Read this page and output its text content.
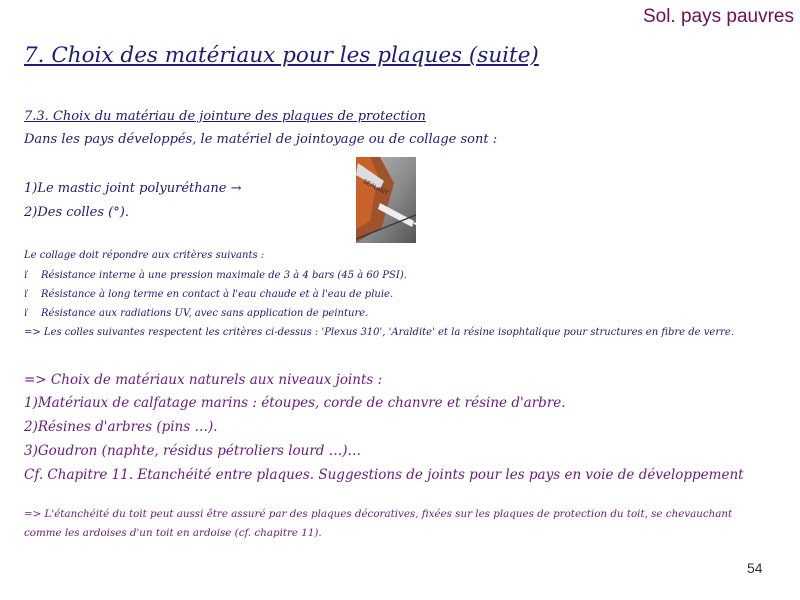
Sol. pays pauvres
7. Choix des matériaux pour les plaques (suite)
7.3. Choix du matériau de jointure des plaques de protection
Dans les pays développés, le matériel de jointoyage ou de collage sont :
1)Le mastic joint polyuréthane →
2)Des colles (°).
SEALANT
Le collage doit répondre aux critères suivants :
ï Résistance interne à une pression maximale de 3 à 4 bars (45 à 60 PSI).
ï Résistance à long terme en contact à l'eau chaude et à l'eau de pluie.
ï Résistance aux radiations UV, avec sans application de peinture.
=> Les colles suivantes respectent les critères ci-dessus : 'Plexus 310', 'Araldite' et la résine isophtalique pour structures en fibre de verre.
=> Choix de matériaux naturels aux niveaux joints :
1)Matériaux de calfatage marins : étoupes, corde de chanvre et résine d'arbre.
2)Résines d'arbres (pins …).
3)Goudron (naphte, résidus pétroliers lourd …)…
Cf. Chapitre 11. Etanchéité entre plaques. Suggestions de joints pour les pays en voie de développement
=> L'étanchéité du toit peut aussi être assuré par des plaques décoratives, fixées sur les plaques de protection du toit, se chevauchant
comme les ardoises d'un toit en ardoise (cf. chapitre 11).
54
